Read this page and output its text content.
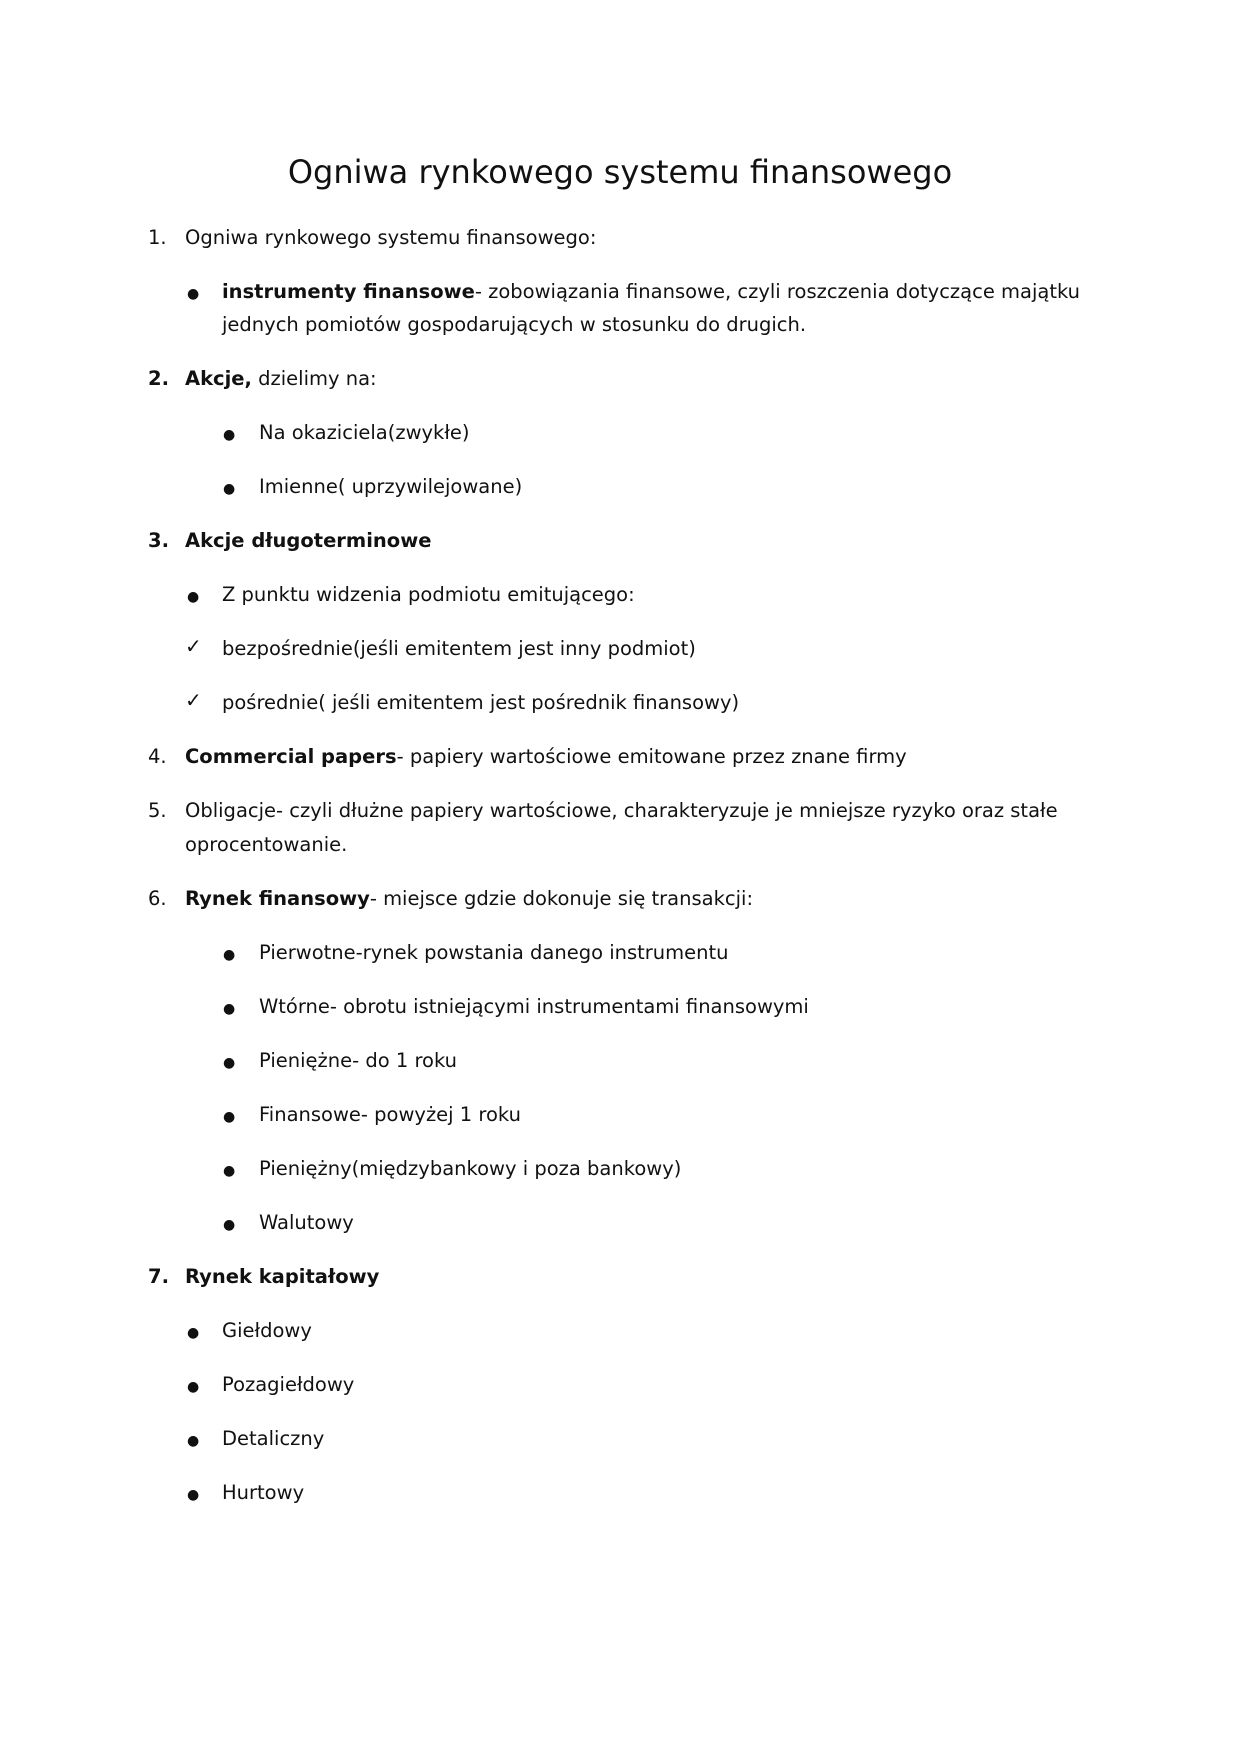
Ogniwa rynkowego systemu finansowego
1. Ogniwa rynkowego systemu finansowego:
● instrumenty finansowe- zobowiązania finansowe, czyli roszczenia dotyczące majątku
jednych pomiotów gospodarujących w stosunku do drugich.
2. Akcje, dzielimy na:
● Na okaziciela(zwykłe)
● Imienne( uprzywilejowane)
3. Akcje długoterminowe
● Z punktu widzenia podmiotu emitującego:
✓ bezpośrednie(jeśli emitentem jest inny podmiot)
✓ pośrednie( jeśli emitentem jest pośrednik finansowy)
4. Commercial papers- papiery wartościowe emitowane przez znane firmy
5. Obligacje- czyli dłużne papiery wartościowe, charakteryzuje je mniejsze ryzyko oraz stałe
oprocentowanie.
6. Rynek finansowy- miejsce gdzie dokonuje się transakcji:
● Pierwotne-rynek powstania danego instrumentu
● Wtórne- obrotu istniejącymi instrumentami finansowymi
● Pieniężne- do 1 roku
● Finansowe- powyżej 1 roku
● Pieniężny(międzybankowy i poza bankowy)
● Walutowy
7. Rynek kapitałowy
● Giełdowy
● Pozagiełdowy
● Detaliczny
● Hurtowy
